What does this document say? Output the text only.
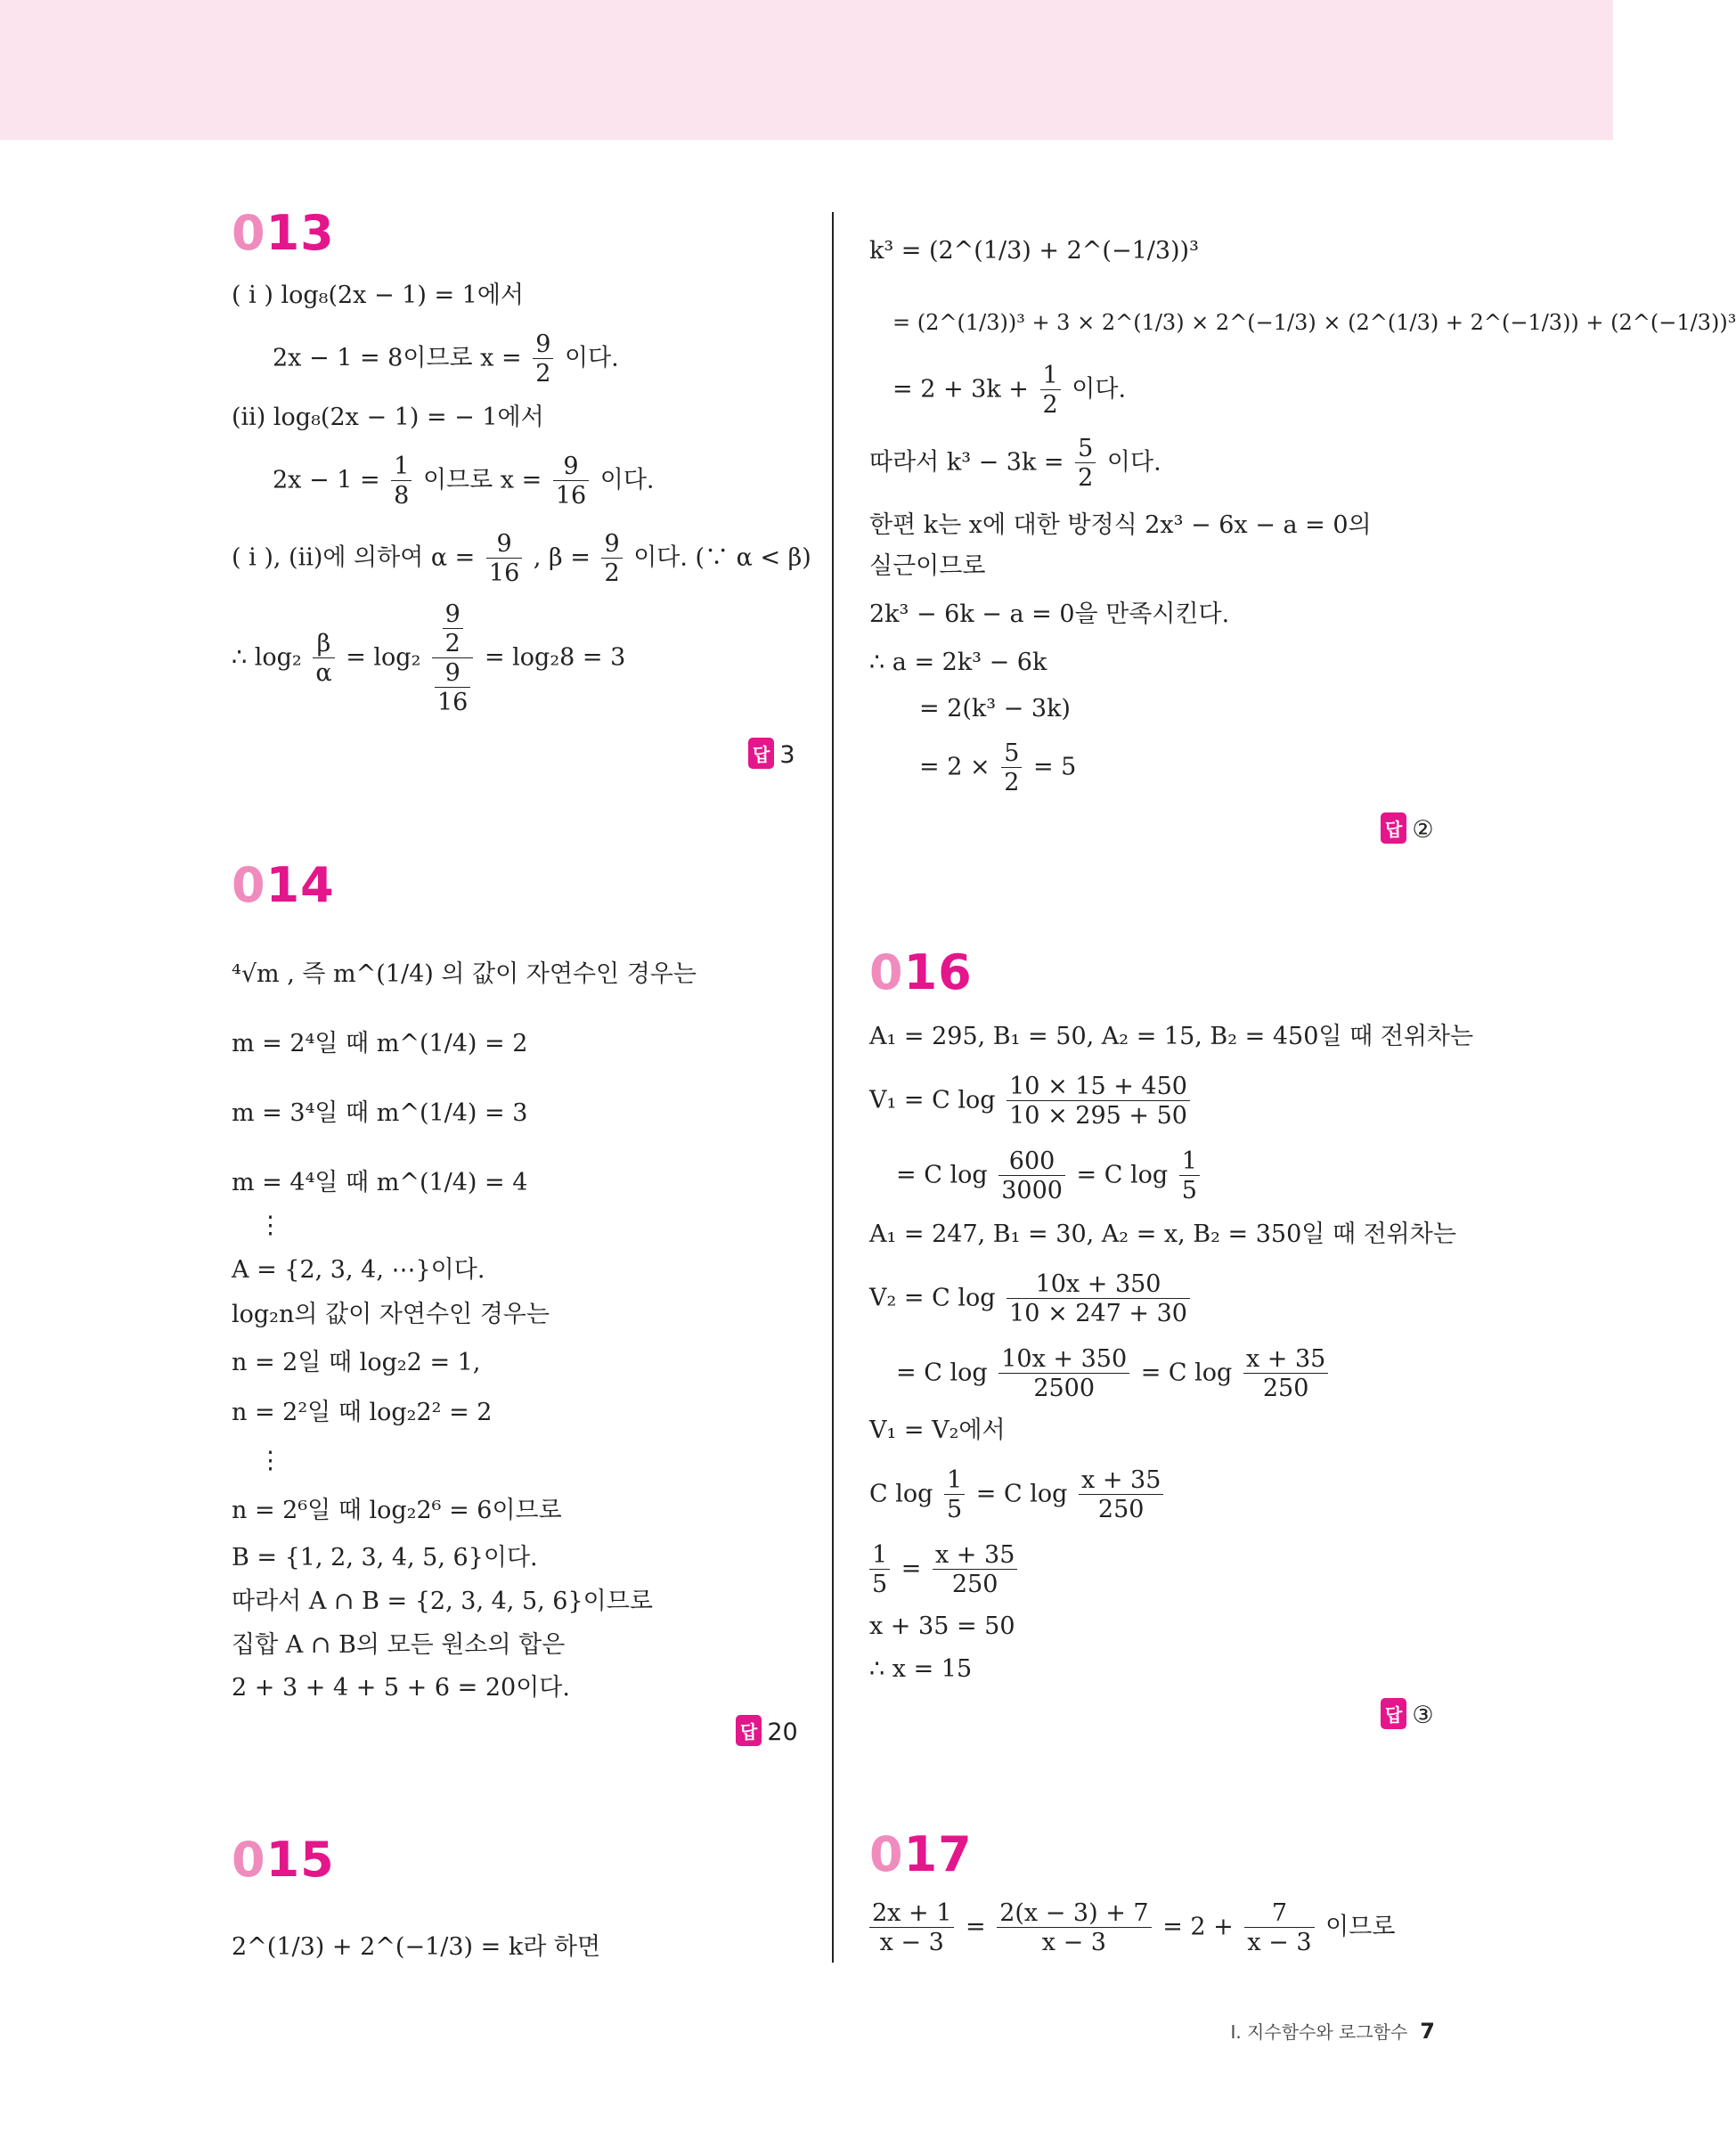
013
( i ) log₈(2x − 1) = 1에서
2x − 1 = 8이므로 $x = \frac{9}{2}$ 이다.
(ii) log₈(2x − 1) = − 1에서
$2x - 1 = \frac{1}{8}$ 이므로 $x = \frac{9}{16}$ 이다.
( i ), (ii)에 의하여 $\alpha = \frac{9}{16}$ , $\beta = \frac{9}{2}$ 이다. (∵ α < β)
∴ $\log_2 \frac{\beta}{\alpha} = \log_2 \frac{\frac{9}{2}}{\frac{9}{16}} = \log_28 = 3$
답 3
014
⁴√m , 즉 m^(1/4) 의 값이 자연수인 경우는
m = 2⁴일 때 m^(1/4) = 2
m = 3⁴일 때 m^(1/4) = 3
m = 4⁴일 때 m^(1/4) = 4
⋮
A = {2, 3, 4, ⋯}이다.
log₂n의 값이 자연수인 경우는
n = 2일 때 log₂2 = 1,
n = 2²일 때 log₂2² = 2
⋮
n = 2⁶일 때 log₂2⁶ = 6이므로
B = {1, 2, 3, 4, 5, 6}이다.
따라서 A ∩ B = {2, 3, 4, 5, 6}이므로
집합 A ∩ B의 모든 원소의 합은
2 + 3 + 4 + 5 + 6 = 20이다.
답 20
015
2^(1/3) + 2^(−1/3) = k라 하면
k³ = (2^(1/3) + 2^(−1/3))³
= (2^(1/3))³ + 3 × 2^(1/3) × 2^(−1/3) × (2^(1/3) + 2^(−1/3)) + (2^(−1/3))³
= $2 + 3k + \frac{1}{2}$ 이다.
따라서 $k^3 - 3k = \frac{5}{2}$ 이다.
한편 k는 x에 대한 방정식 2x³ − 6x − a = 0의
실근이므로
2k³ − 6k − a = 0을 만족시킨다.
∴ a = 2k³ − 6k
= 2(k³ − 3k)
= $2 \times \frac{5}{2} = 5$
답 ②
016
A₁ = 295, B₁ = 50, A₂ = 15, B₂ = 450일 때 전위차는
V₁ = C $\log \frac{10 \times 15 + 450}{10 \times 295 + 50}$
= C $\log \frac{600}{3000} = C$ $\log \frac{1}{5}$
A₁ = 247, B₁ = 30, A₂ = x, B₂ = 350일 때 전위차는
V₂ = C $\log \frac{10x + 350}{10 \times 247 + 30}$
= C $\log \frac{10x + 350}{2500} = C$ $\log \frac{x + 35}{250}$
V₁ = V₂에서
C $\log \frac{1}{5} = C$ $\log \frac{x + 35}{250}$
$\frac{1}{5} = \frac{x + 35}{250}$
x + 35 = 50
∴ x = 15
답 ③
017
$\frac{2x + 1}{x - 3} = \frac{2(x - 3) + 7}{x - 3} = 2 + \frac{7}{x - 3}$ 이므로
I. 지수함수와 로그함수 7
